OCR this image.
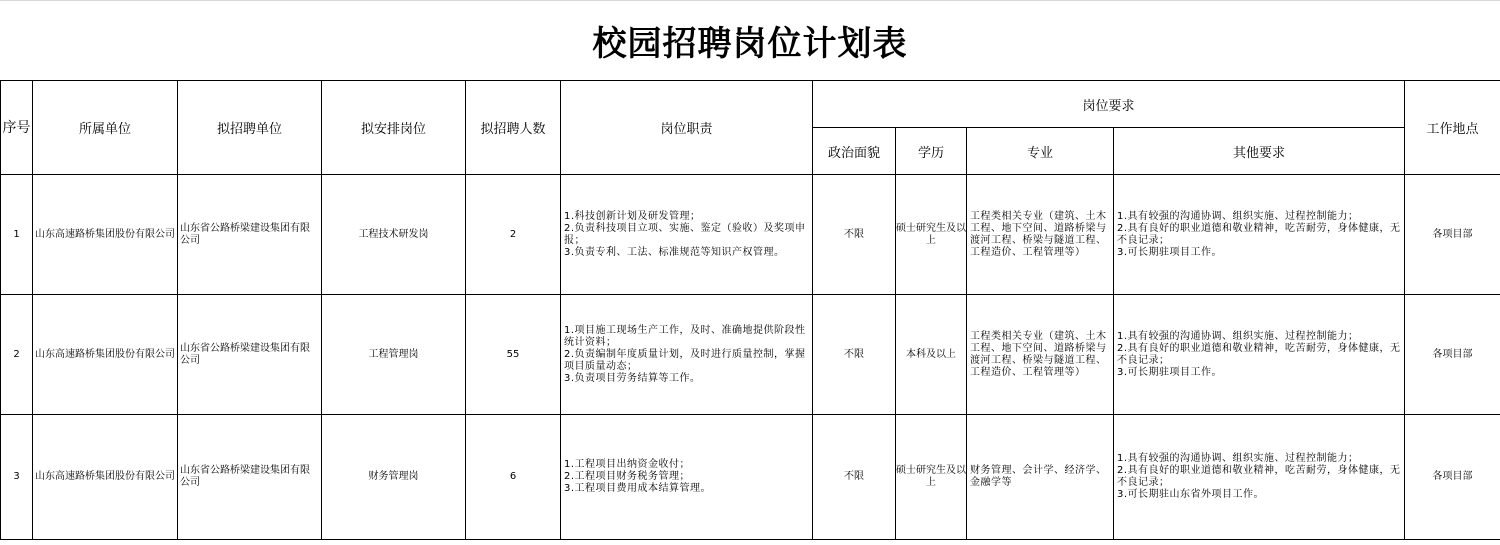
校园招聘岗位计划表
序号	所属单位	拟招聘单位	拟安排岗位	拟招聘人数	岗位职责	岗位要求				工作地点
						政治面貌	学历	专业	其他要求	
1	山东高速路桥集团股份有限公司	山东省公路桥梁建设集团有限公司	工程技术研发岗	2	1.科技创新计划及研发管理；
2.负责科技项目立项、实施、鉴定（验收）及奖项申报；
3.负责专利、工法、标准规范等知识产权管理。	不限	硕士研究生及以上	工程类相关专业（建筑、土木工程、地下空间、道路桥梁与渡河工程、桥梁与隧道工程、工程造价、工程管理等）	1.具有较强的沟通协调、组织实施、过程控制能力；
2.具有良好的职业道德和敬业精神，吃苦耐劳，身体健康，无不良记录；
3.可长期驻项目工作。	各项目部
2	山东高速路桥集团股份有限公司	山东省公路桥梁建设集团有限公司	工程管理岗	55	1.项目施工现场生产工作，及时、准确地提供阶段性统计资料；
2.负责编制年度质量计划，及时进行质量控制，掌握项目质量动态；
3.负责项目劳务结算等工作。	不限	本科及以上	工程类相关专业（建筑、土木工程、地下空间、道路桥梁与渡河工程、桥梁与隧道工程、工程造价、工程管理等）	1.具有较强的沟通协调、组织实施、过程控制能力；
2.具有良好的职业道德和敬业精神，吃苦耐劳，身体健康，无不良记录；
3.可长期驻项目工作。	各项目部
3	山东高速路桥集团股份有限公司	山东省公路桥梁建设集团有限公司	财务管理岗	6	1.工程项目出纳资金收付；
2.工程项目财务税务管理；
3.工程项目费用成本结算管理。	不限	硕士研究生及以上	财务管理、会计学、经济学、金融学等	1.具有较强的沟通协调、组织实施、过程控制能力；
2.具有良好的职业道德和敬业精神，吃苦耐劳，身体健康，无不良记录；
3.可长期驻山东省外项目工作。	各项目部
